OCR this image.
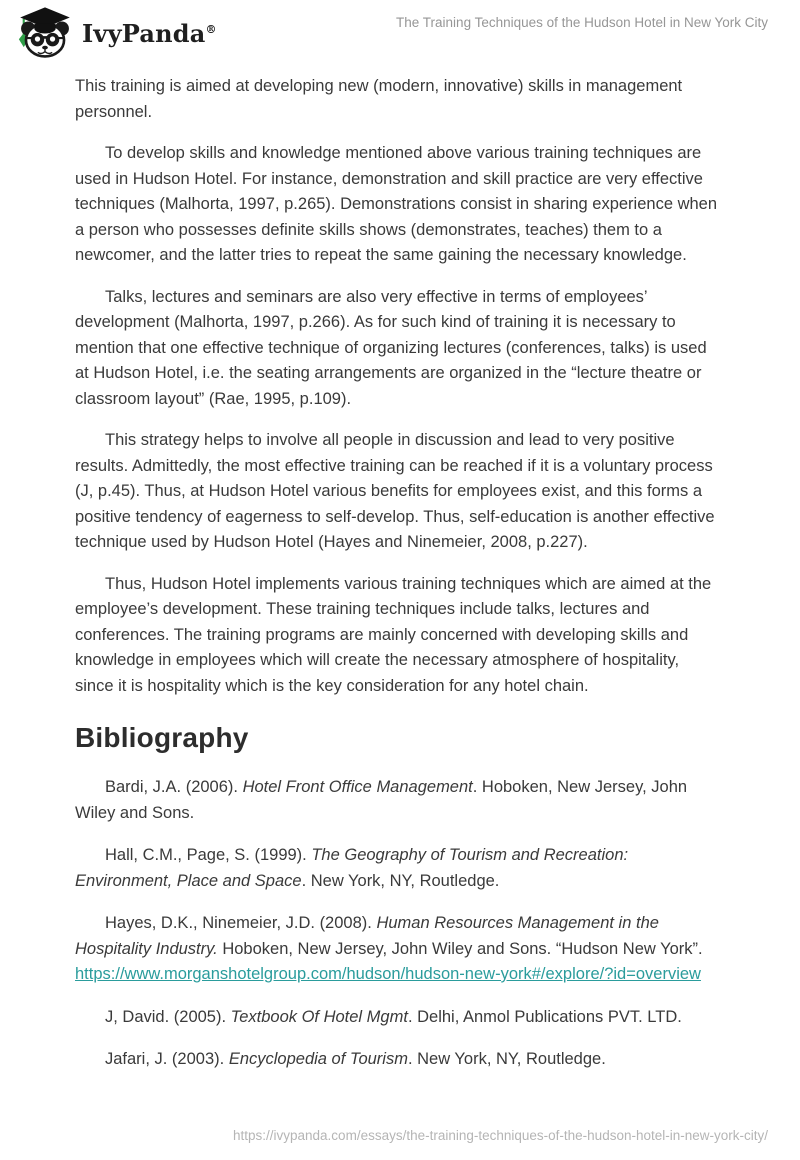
IvyPanda®	The Training Techniques of the Hudson Hotel in New York City

This training is aimed at developing new (modern, innovative) skills in management personnel.

To develop skills and knowledge mentioned above various training techniques are used in Hudson Hotel. For instance, demonstration and skill practice are very effective techniques (Malhorta, 1997, p.265). Demonstrations consist in sharing experience when a person who possesses definite skills shows (demonstrates, teaches) them to a newcomer, and the latter tries to repeat the same gaining the necessary knowledge.

Talks, lectures and seminars are also very effective in terms of employees’ development (Malhorta, 1997, p.266). As for such kind of training it is necessary to mention that one effective technique of organizing lectures (conferences, talks) is used at Hudson Hotel, i.e. the seating arrangements are organized in the “lecture theatre or classroom layout” (Rae, 1995, p.109).

This strategy helps to involve all people in discussion and lead to very positive results. Admittedly, the most effective training can be reached if it is a voluntary process (J, p.45). Thus, at Hudson Hotel various benefits for employees exist, and this forms a positive tendency of eagerness to self-develop. Thus, self-education is another effective technique used by Hudson Hotel (Hayes and Ninemeier, 2008, p.227).

Thus, Hudson Hotel implements various training techniques which are aimed at the employee’s development. These training techniques include talks, lectures and conferences. The training programs are mainly concerned with developing skills and knowledge in employees which will create the necessary atmosphere of hospitality, since it is hospitality which is the key consideration for any hotel chain.

Bibliography

Bardi, J.A. (2006). Hotel Front Office Management. Hoboken, New Jersey, John Wiley and Sons.

Hall, C.M., Page, S. (1999). The Geography of Tourism and Recreation: Environment, Place and Space. New York, NY, Routledge.

Hayes, D.K., Ninemeier, J.D. (2008). Human Resources Management in the Hospitality Industry. Hoboken, New Jersey, John Wiley and Sons. “Hudson New York”.
https://www.morganshotelgroup.com/hudson/hudson-new-york#/explore/?id=overview

J, David. (2005). Textbook Of Hotel Mgmt. Delhi, Anmol Publications PVT. LTD.

Jafari, J. (2003). Encyclopedia of Tourism. New York, NY, Routledge.

https://ivypanda.com/essays/the-training-techniques-of-the-hudson-hotel-in-new-york-city/
